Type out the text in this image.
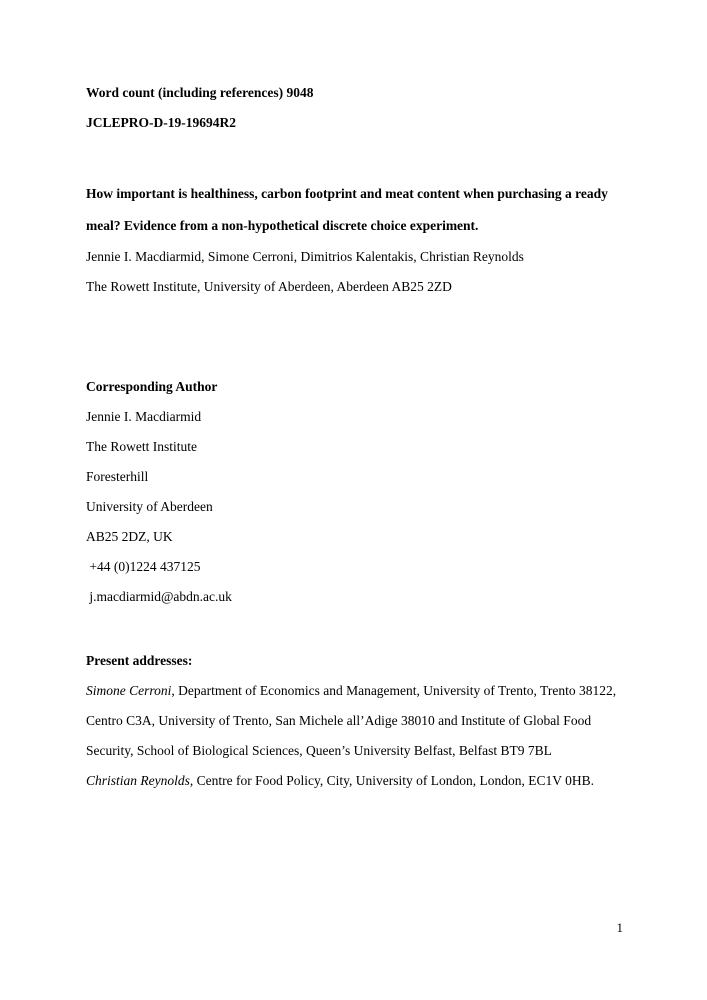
Word count (including references) 9048

JCLEPRO-D-19-19694R2

How important is healthiness, carbon footprint and meat content when purchasing a ready meal? Evidence from a non-hypothetical discrete choice experiment.

Jennie I. Macdiarmid, Simone Cerroni, Dimitrios Kalentakis, Christian Reynolds

The Rowett Institute, University of Aberdeen, Aberdeen AB25 2ZD

Corresponding Author

Jennie I. Macdiarmid

The Rowett Institute

Foresterhill

University of Aberdeen

AB25 2DZ, UK

+44 (0)1224 437125

j.macdiarmid@abdn.ac.uk

Present addresses:

Simone Cerroni, Department of Economics and Management, University of Trento, Trento 38122, Centro C3A, University of Trento, San Michele all’Adige 38010 and Institute of Global Food Security, School of Biological Sciences, Queen’s University Belfast, Belfast BT9 7BL

Christian Reynolds, Centre for Food Policy, City, University of London, London, EC1V 0HB.

1
